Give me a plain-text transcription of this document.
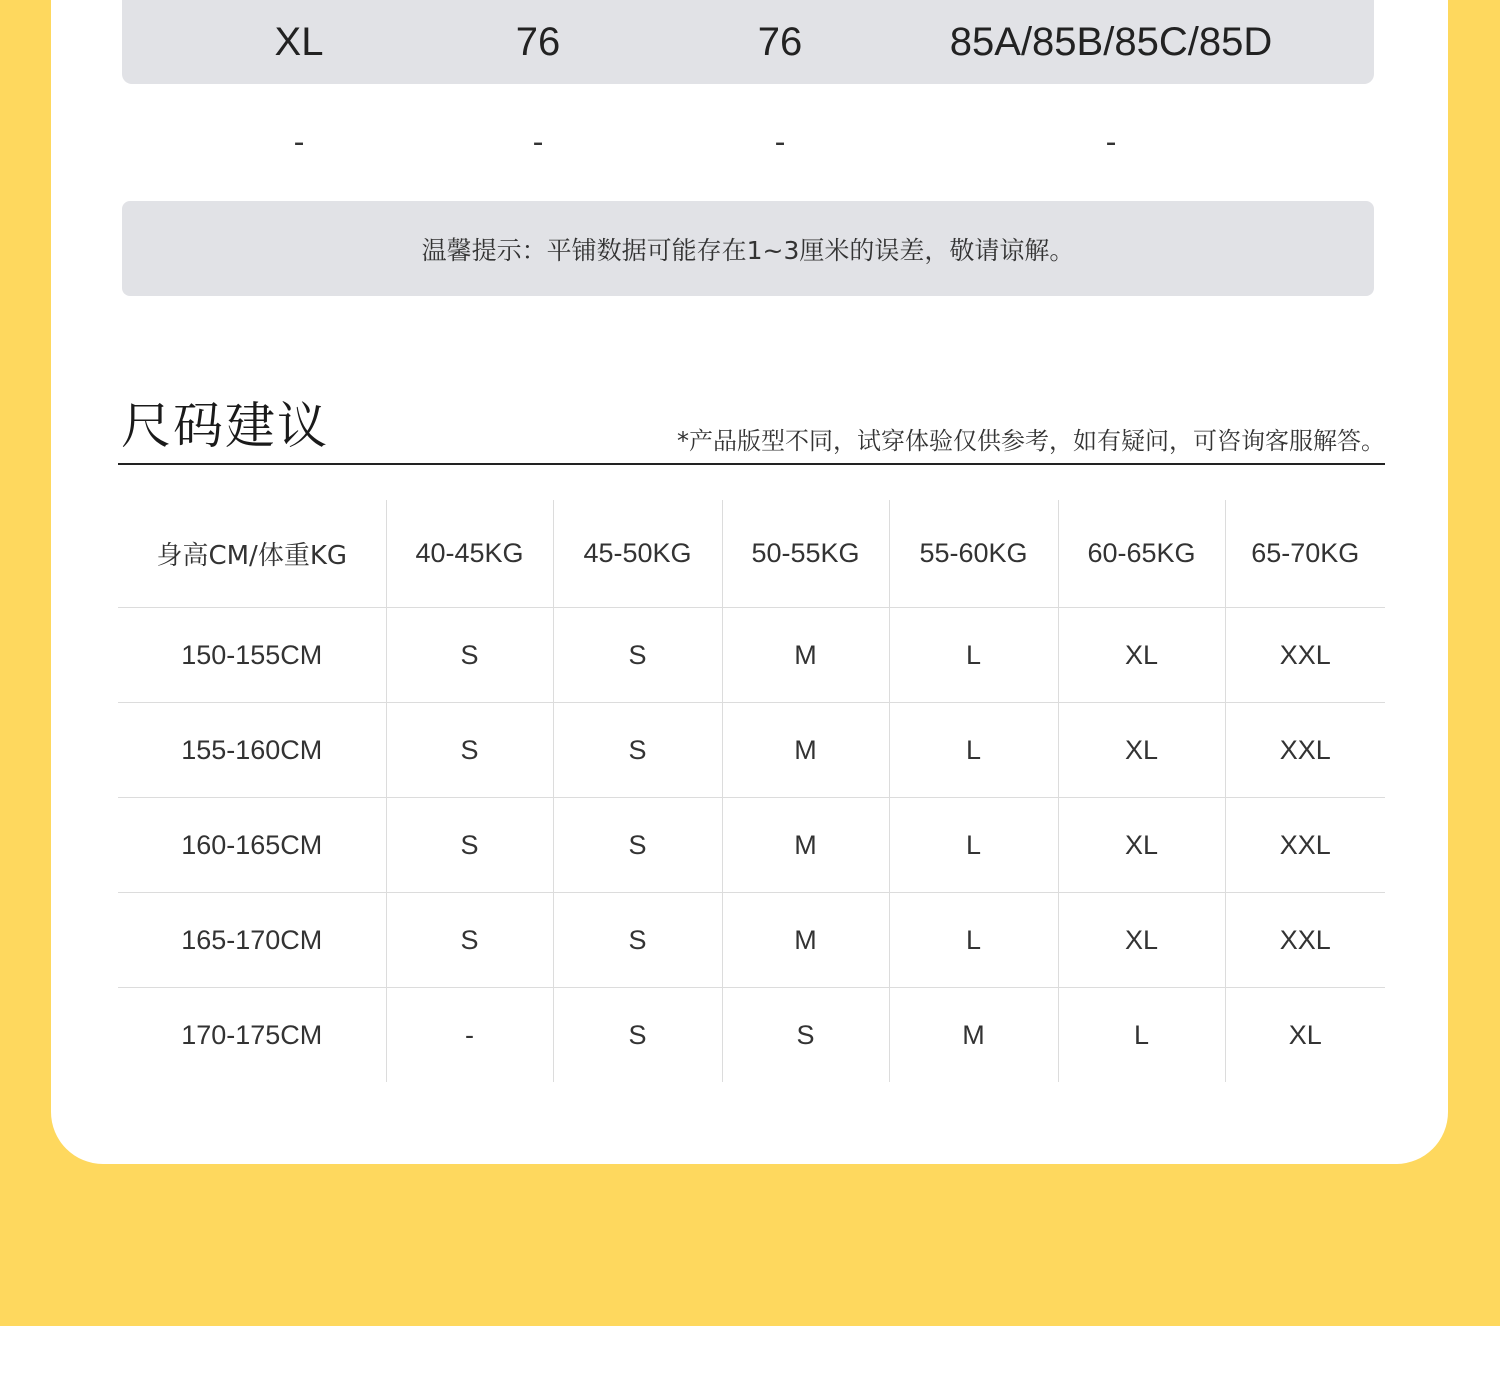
XL	76	76	85A/85B/85C/85D
-	-	-	-
温馨提示：平铺数据可能存在1~3厘米的误差，敬请谅解。
尺码建议	*产品版型不同，试穿体验仅供参考，如有疑问，可咨询客服解答。
身高CM/体重KG	40-45KG	45-50KG	50-55KG	55-60KG	60-65KG	65-70KG
150-155CM	S	S	M	L	XL	XXL
155-160CM	S	S	M	L	XL	XXL
160-165CM	S	S	M	L	XL	XXL
165-170CM	S	S	M	L	XL	XXL
170-175CM	-	S	S	M	L	XL
